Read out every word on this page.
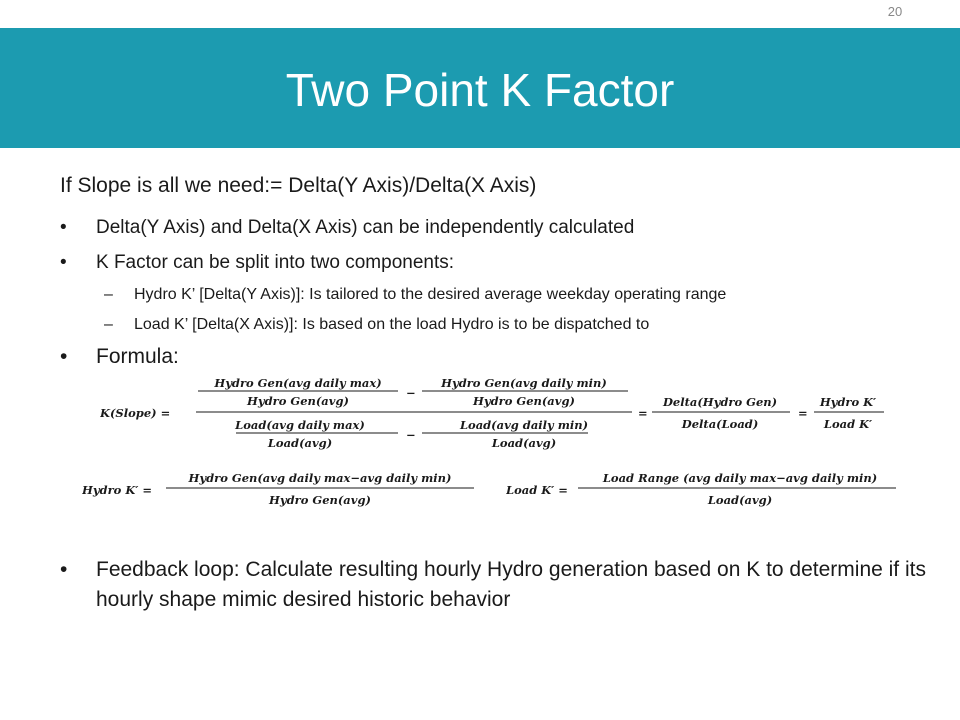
20
Two Point K Factor
If Slope is all we need:= Delta(Y Axis)/Delta(X Axis)
• Delta(Y Axis) and Delta(X Axis) can be independently calculated
• K Factor can be split into two components:
– Hydro K’ [Delta(Y Axis)]: Is tailored to the desired average weekday operating range
– Load K’ [Delta(X Axis)]: Is based on the load Hydro is to be dispatched to
• Formula:
K(Slope) =
Hydro Gen(avg daily max)
Hydro Gen(avg)
−
Hydro Gen(avg daily min)
Hydro Gen(avg)
Load(avg daily max)
Load(avg)
−
Load(avg daily min)
Load(avg)
=
Delta(Hydro Gen)
Delta(Load)
=
Hydro K′
Load K′
Hydro K′ =
Hydro Gen(avg daily max−avg daily min)
Hydro Gen(avg)
Load K′ =
Load Range (avg daily max−avg daily min)
Load(avg)
• Feedback loop: Calculate resulting hourly Hydro generation based on K to determine if its hourly shape mimic desired historic behavior
